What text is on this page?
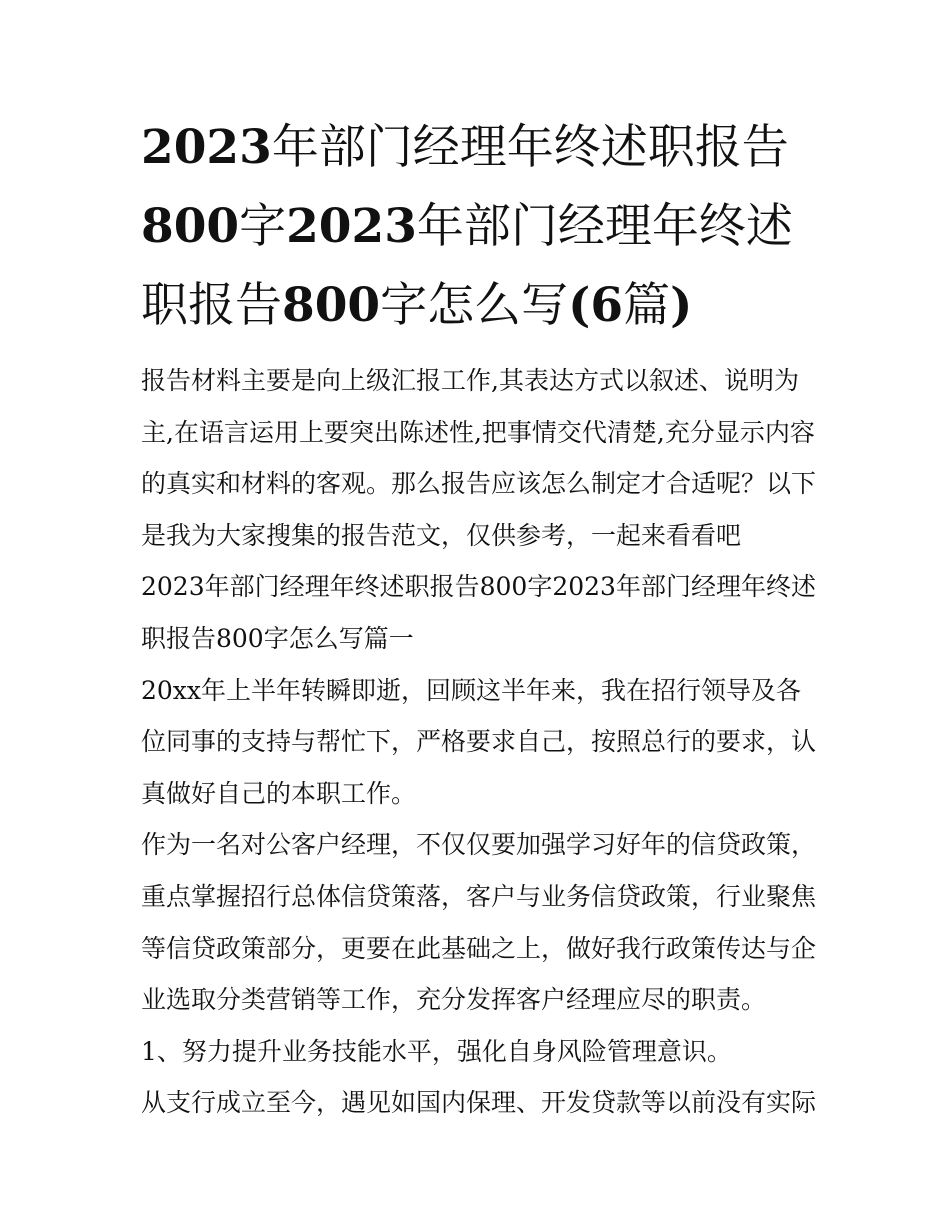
2023年部门经理年终述职报告800字2023年部门经理年终述职报告800字怎么写(6篇)

报告材料主要是向上级汇报工作,其表达方式以叙述、说明为主,在语言运用上要突出陈述性,把事情交代清楚,充分显示内容的真实和材料的客观。那么报告应该怎么制定才合适呢？以下是我为大家搜集的报告范文，仅供参考，一起来看看吧

2023年部门经理年终述职报告800字2023年部门经理年终述职报告800字怎么写篇一

20xx年上半年转瞬即逝，回顾这半年来，我在招行领导及各位同事的支持与帮忙下，严格要求自己，按照总行的要求，认真做好自己的本职工作。

作为一名对公客户经理，不仅仅要加强学习好年的信贷政策，重点掌握招行总体信贷策落，客户与业务信贷政策，行业聚焦等信贷政策部分，更要在此基础之上，做好我行政策传达与企业选取分类营销等工作，充分发挥客户经理应尽的职责。

1、努力提升业务技能水平，强化自身风险管理意识。

从支行成立至今，遇见如国内保理、开发贷款等以前没有实际
